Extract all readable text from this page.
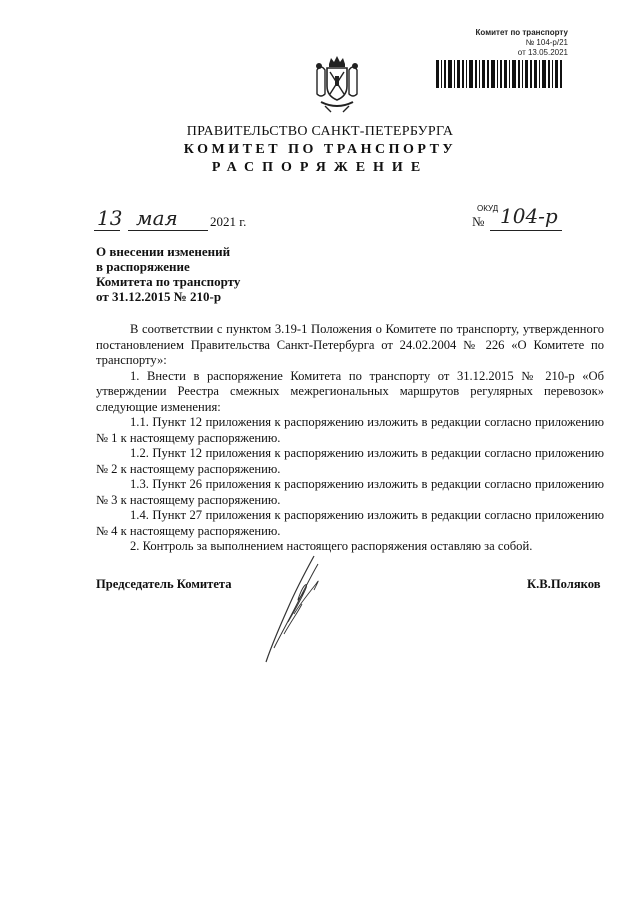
Комитет по транспорту
№ 104-р/21
от 13.05.2021
ПРАВИТЕЛЬСТВО САНКТ-ПЕТЕРБУРГА
КОМИТЕТ ПО ТРАНСПОРТУ
РАСПОРЯЖЕНИЕ
ОКУД
13 мая 2021 г.	№ 104-р
О внесении изменений
в распоряжение
Комитета по транспорту
от 31.12.2015 № 210-р

В соответствии с пунктом 3.19-1 Положения о Комитете по транспорту, утвержденного постановлением Правительства Санкт-Петербурга от 24.02.2004 № 226 «О Комитете по транспорту»:

1. Внести в распоряжение Комитета по транспорту от 31.12.2015 № 210-р «Об утверждении Реестра смежных межрегиональных маршрутов регулярных перевозок» следующие изменения:

1.1. Пункт 12 приложения к распоряжению изложить в редакции согласно приложению № 1 к настоящему распоряжению.

1.2. Пункт 12 приложения к распоряжению изложить в редакции согласно приложению № 2 к настоящему распоряжению.

1.3. Пункт 26 приложения к распоряжению изложить в редакции согласно приложению № 3 к настоящему распоряжению.

1.4. Пункт 27 приложения к распоряжению изложить в редакции согласно приложению № 4 к настоящему распоряжению.

2. Контроль за выполнением настоящего распоряжения оставляю за собой.

Председатель Комитета	К.В.Поляков
